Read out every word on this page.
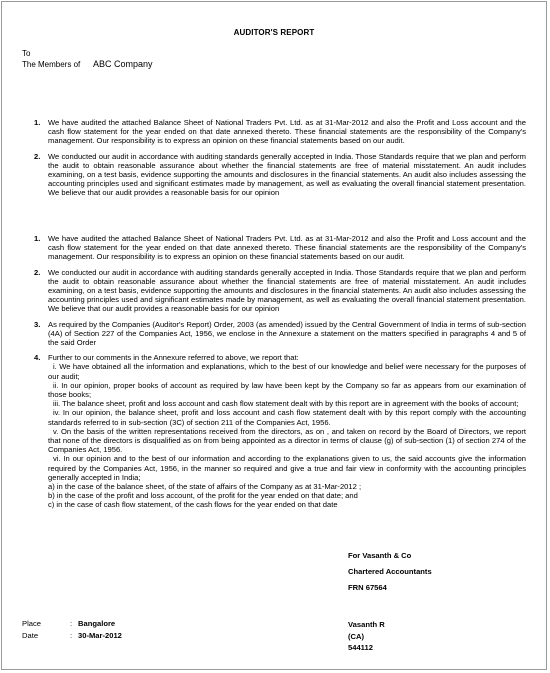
AUDITOR'S REPORT
To
The Members of ABC Company
1. We have audited the attached Balance Sheet of National Traders Pvt. Ltd. as at 31-Mar-2012 and also the Profit and Loss account and the cash flow statement for the year ended on that date annexed thereto. These financial statements are the responsibility of the Company's management. Our responsibility is to express an opinion on these financial statements based on our audit.
2. We conducted our audit in accordance with auditing standards generally accepted in India. Those Standards require that we plan and perform the audit to obtain reasonable assurance about whether the financial statements are free of material misstatement. An audit includes examining, on a test basis, evidence supporting the amounts and disclosures in the financial statements. An audit also includes assessing the accounting principles used and significant estimates made by management, as well as evaluating the overall financial statement presentation. We believe that our audit provides a reasonable basis for our opinion
1. We have audited the attached Balance Sheet of National Traders Pvt. Ltd. as at 31-Mar-2012 and also the Profit and Loss account and the cash flow statement for the year ended on that date annexed thereto. These financial statements are the responsibility of the Company's management. Our responsibility is to express an opinion on these financial statements based on our audit.
2. We conducted our audit in accordance with auditing standards generally accepted in India. Those Standards require that we plan and perform the audit to obtain reasonable assurance about whether the financial statements are free of material misstatement. An audit includes examining, on a test basis, evidence supporting the amounts and disclosures in the financial statements. An audit also includes assessing the accounting principles used and significant estimates made by management, as well as evaluating the overall financial statement presentation. We believe that our audit provides a reasonable basis for our opinion
3. As required by the Companies (Auditor's Report) Order, 2003 (as amended) issued by the Central Government of India in terms of sub-section (4A) of Section 227 of the Companies Act, 1956, we enclose in the Annexure a statement on the matters specified in paragraphs 4 and 5 of the said Order
4. Further to our comments in the Annexure referred to above, we report that:
i. We have obtained all the information and explanations, which to the best of our knowledge and belief were necessary for the purposes of our audit;
ii. In our opinion, proper books of account as required by law have been kept by the Company so far as appears from our examination of those books;
iii. The balance sheet, profit and loss account and cash flow statement dealt with by this report are in agreement with the books of account;
iv. In our opinion, the balance sheet, profit and loss account and cash flow statement dealt with by this report comply with the accounting standards referred to in sub-section (3C) of section 211 of the Companies Act, 1956.
v. On the basis of the written representations received from the directors, as on , and taken on record by the Board of Directors, we report that none of the directors is disqualified as on from being appointed as a director in terms of clause (g) of sub-section (1) of section 274 of the Companies Act, 1956.
vi. In our opinion and to the best of our information and according to the explanations given to us, the said accounts give the information required by the Companies Act, 1956, in the manner so required and give a true and fair view in conformity with the accounting principles generally accepted in India;
a) in the case of the balance sheet, of the state of affairs of the Company as at 31-Mar-2012 ;
b) in the case of the profit and loss account, of the profit for the year ended on that date; and
c) in the case of cash flow statement, of the cash flows for the year ended on that date
For Vasanth & Co
Chartered Accountants
FRN 67564
Vasanth R
(CA)
544112
Place	: Bangalore
Date	: 30-Mar-2012
